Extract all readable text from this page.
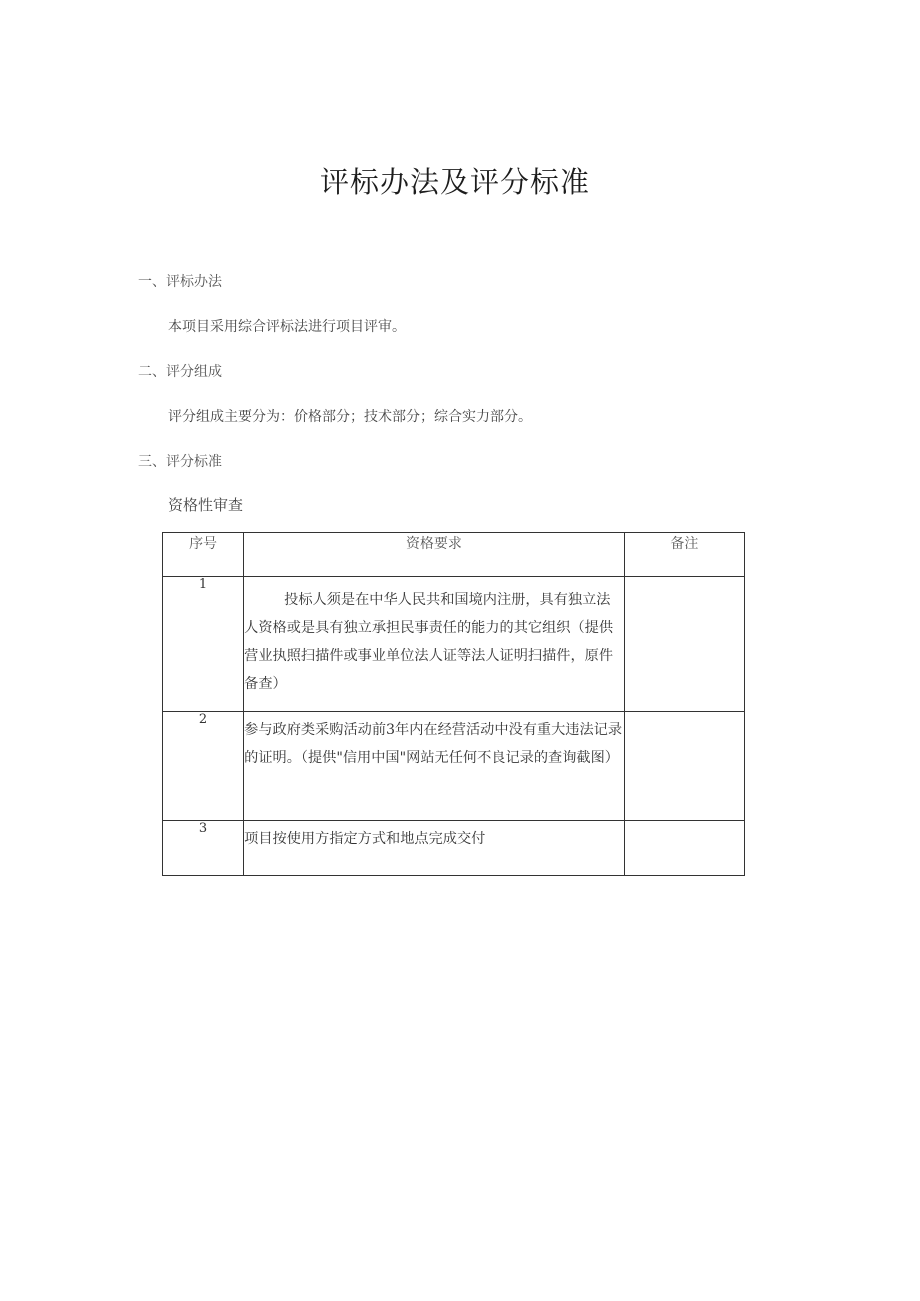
评标办法及评分标准
一、评标办法
本项目采用综合评标法进行项目评审。
二、评分组成
评分组成主要分为：价格部分；技术部分；综合实力部分。
三、评分标准
资格性审查
序号	资格要求	备注
1	投标人须是在中华人民共和国境内注册，具有独立法人资格或是具有独立承担民事责任的能力的其它组织（提供营业执照扫描件或事业单位法人证等法人证明扫描件，原件备查）	
2	参与政府类采购活动前3年内在经营活动中没有重大违法记录的证明。（提供"信用中国"网站无任何不良记录的查询截图）	
3	项目按使用方指定方式和地点完成交付	
